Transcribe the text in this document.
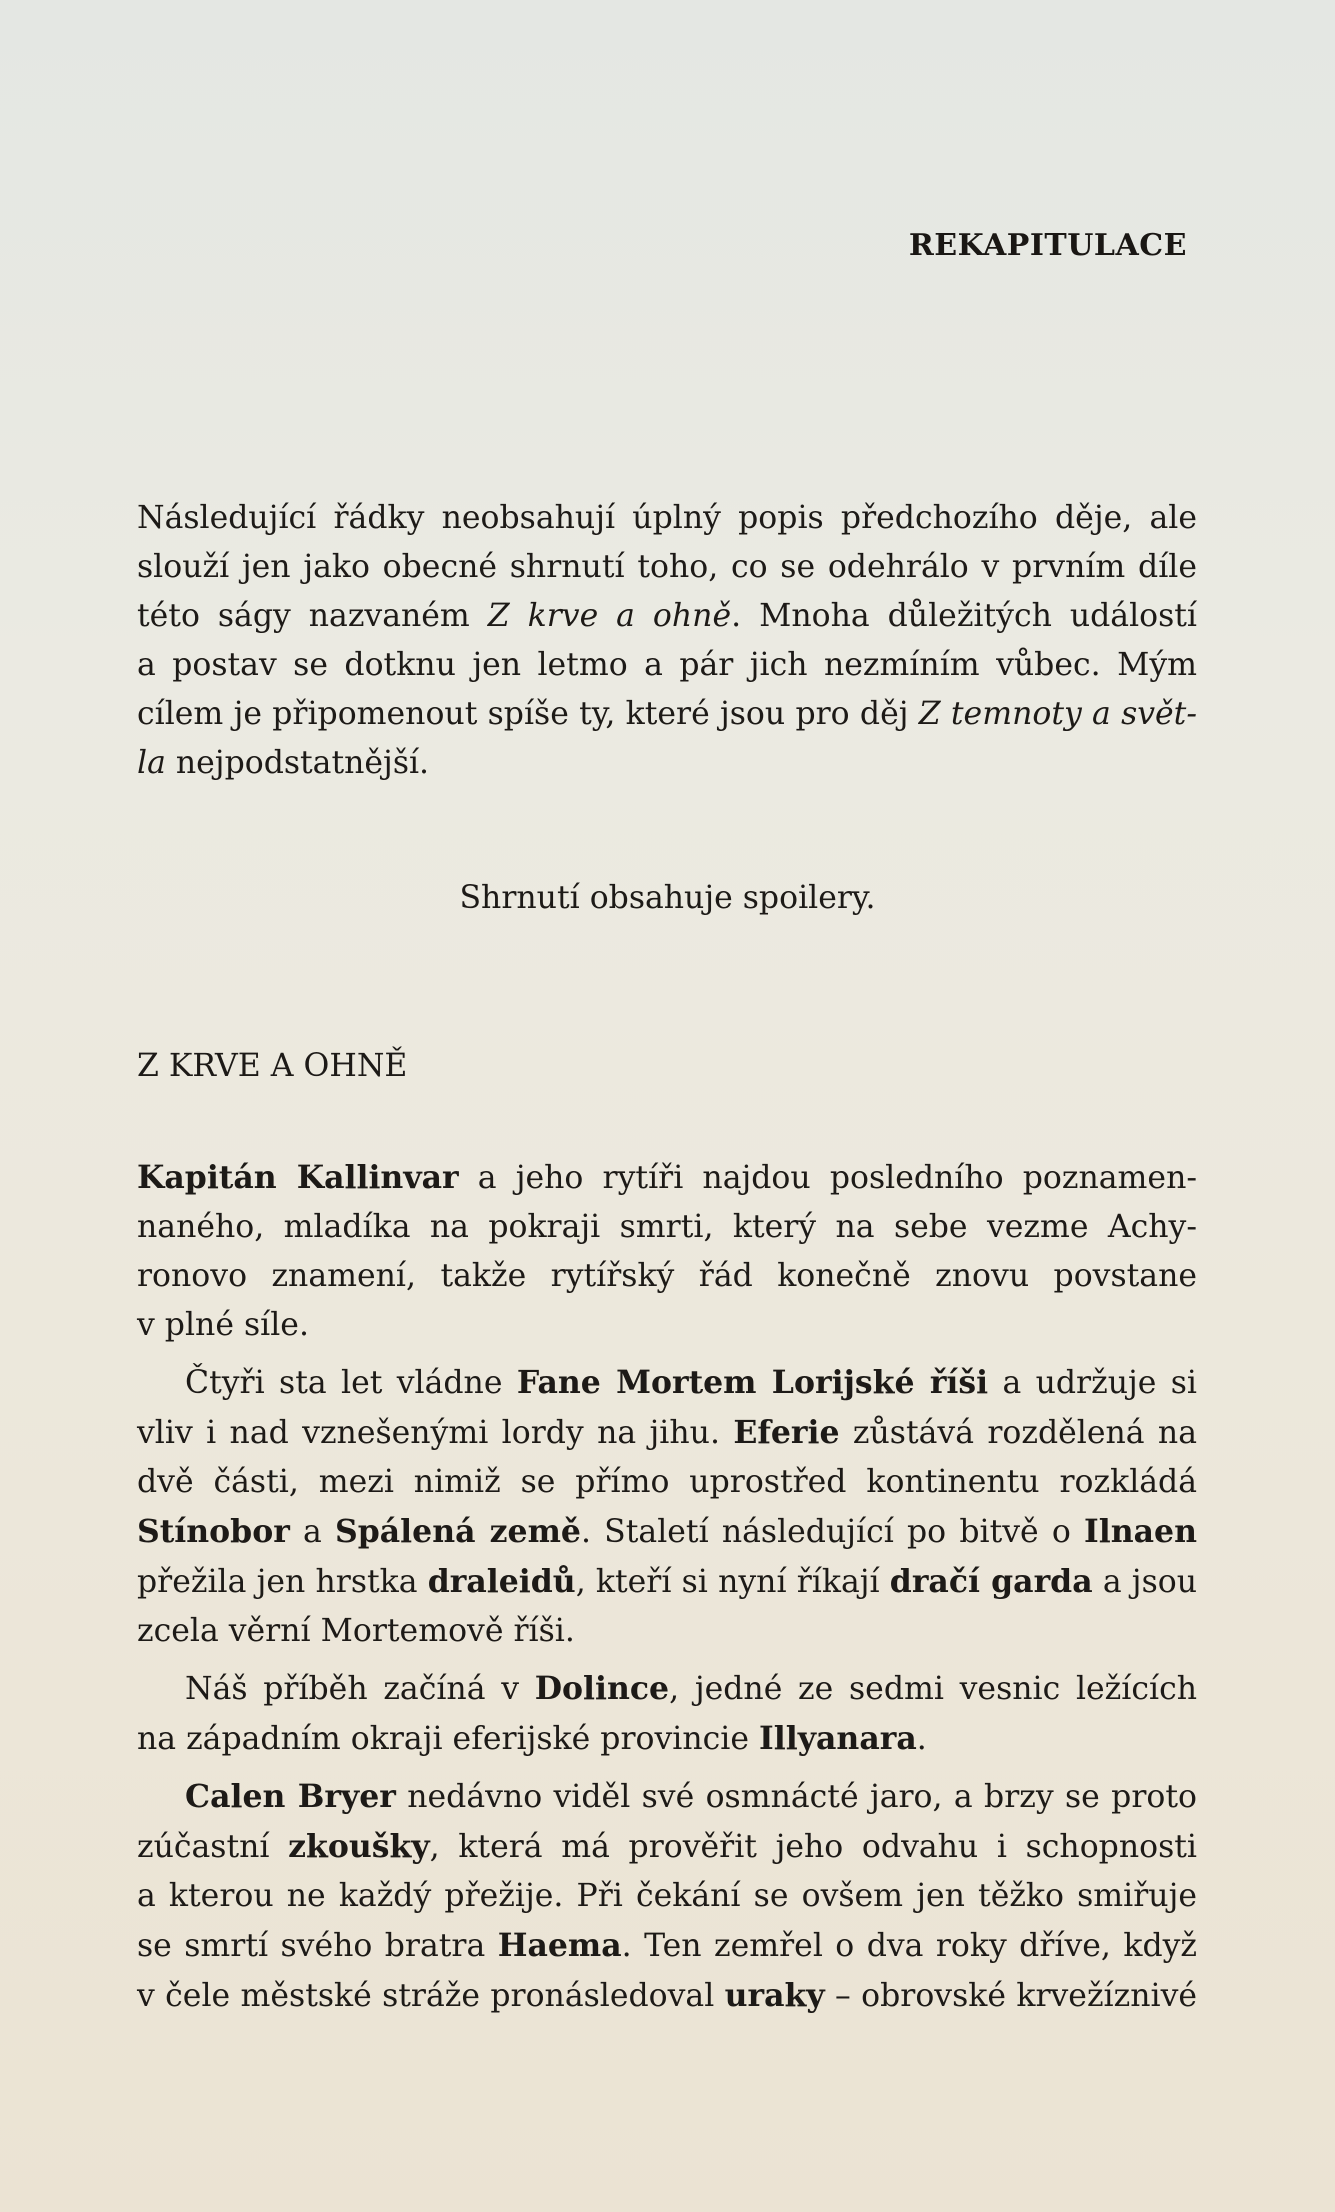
REKAPITULACE
Následující řádky neobsahují úplný popis předchozího děje, ale
slouží jen jako obecné shrnutí toho, co se odehrálo v prvním díle
této ságy nazvaném Z krve a ohně. Mnoha důležitých událostí
a postav se dotknu jen letmo a pár jich nezmíním vůbec. Mým
cílem je připomenout spíše ty, které jsou pro děj Z temnoty a svět-
la nejpodstatnější.
Shrnutí obsahuje spoilery.
Z KRVE A OHNĚ
Kapitán Kallinvar a jeho rytíři najdou posledního poznamen-
naného, mladíka na pokraji smrti, který na sebe vezme Achy-
ronovo znamení, takže rytířský řád konečně znovu povstane
v plné síle.
Čtyři sta let vládne Fane Mortem Lorijské říši a udržuje si
vliv i nad vznešenými lordy na jihu. Eferie zůstává rozdělená na
dvě části, mezi nimiž se přímo uprostřed kontinentu rozkládá
Stínobor a Spálená země. Staletí následující po bitvě o Ilnaen
přežila jen hrstka draleidů, kteří si nyní říkají dračí garda a jsou
zcela věrní Mortemově říši.
Náš příběh začíná v Dolince, jedné ze sedmi vesnic ležících
na západním okraji eferijské provincie Illyanara.
Calen Bryer nedávno viděl své osmnácté jaro, a brzy se proto
zúčastní zkoušky, která má prověřit jeho odvahu i schopnosti
a kterou ne každý přežije. Při čekání se ovšem jen těžko smiřuje
se smrtí svého bratra Haema. Ten zemřel o dva roky dříve, když
v čele městské stráže pronásledoval uraky – obrovské krvežíznivé
